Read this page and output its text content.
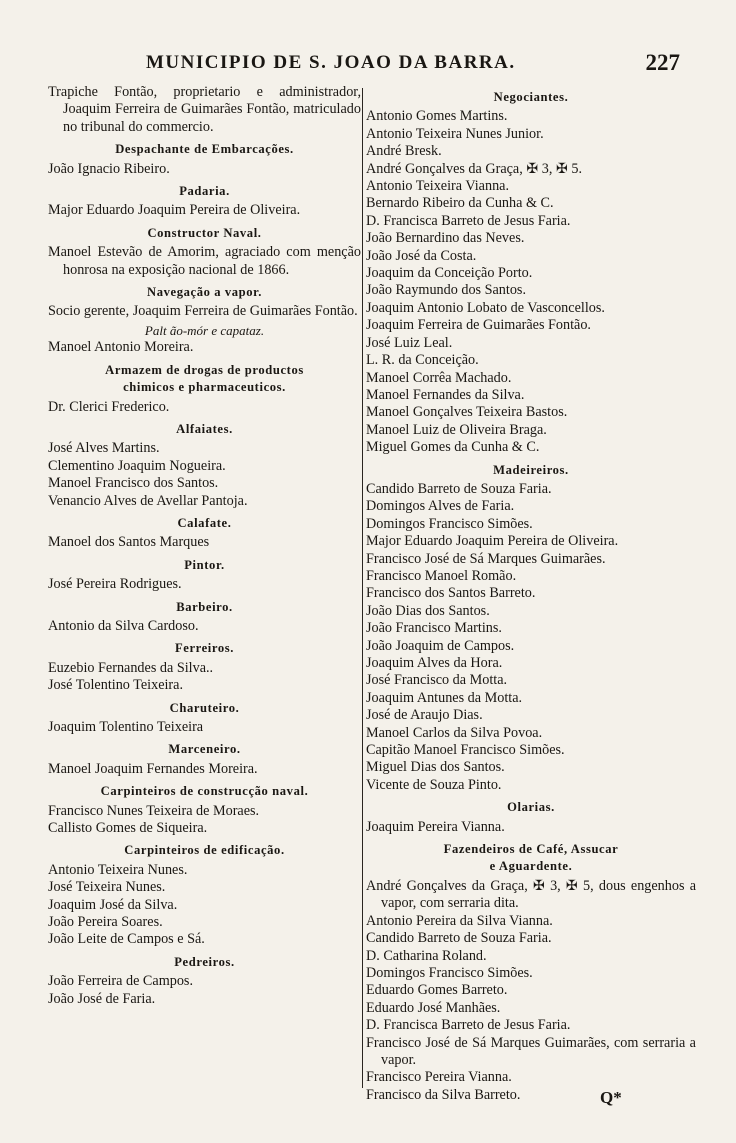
MUNICIPIO DE S. JOAO DA BARRA.	227
Trapiche Fontão, proprietario e administrador, Joaquim Ferreira de Guimarães Fontão, matriculado no tribunal do commercio.
Despachante de Embarcações.
João Ignacio Ribeiro.
Padaria.
Major Eduardo Joaquim Pereira de Oliveira.
Constructor Naval.
Manoel Estevão de Amorim, agraciado com menção honrosa na exposição nacional de 1866.
Navegação a vapor.
Socio gerente, Joaquim Ferreira de Guimarães Fontão.
Palt ão-mór e capataz.
Manoel Antonio Moreira.
Armazem de drogas de productos
chimicos e pharmaceuticos.
Dr. Clerici Frederico.
Alfaiates.
José Alves Martins.
Clementino Joaquim Nogueira.
Manoel Francisco dos Santos.
Venancio Alves de Avellar Pantoja.
Calafate.
Manoel dos Santos Marques
Pintor.
José Pereira Rodrigues.
Barbeiro.
Antonio da Silva Cardoso.
Ferreiros.
Euzebio Fernandes da Silva..
José Tolentino Teixeira.
Charuteiro.
Joaquim Tolentino Teixeira
Marceneiro.
Manoel Joaquim Fernandes Moreira.
Carpinteiros de construcção naval.
Francisco Nunes Teixeira de Moraes.
Callisto Gomes de Siqueira.
Carpinteiros de edificação.
Antonio Teixeira Nunes.
José Teixeira Nunes.
Joaquim José da Silva.
João Pereira Soares.
João Leite de Campos e Sá.
Pedreiros.
João Ferreira de Campos.
João José de Faria.
Negociantes.
Antonio Gomes Martins.
Antonio Teixeira Nunes Junior.
André Bresk.
André Gonçalves da Graça, ✠ 3, ✠ 5.
Antonio Teixeira Vianna.
Bernardo Ribeiro da Cunha & C.
D. Francisca Barreto de Jesus Faria.
João Bernardino das Neves.
João José da Costa.
Joaquim da Conceição Porto.
João Raymundo dos Santos.
Joaquim Antonio Lobato de Vasconcellos.
Joaquim Ferreira de Guimarães Fontão.
José Luiz Leal.
L. R. da Conceição.
Manoel Corrêa Machado.
Manoel Fernandes da Silva.
Manoel Gonçalves Teixeira Bastos.
Manoel Luiz de Oliveira Braga.
Miguel Gomes da Cunha & C.
Madeireiros.
Candido Barreto de Souza Faria.
Domingos Alves de Faria.
Domingos Francisco Simões.
Major Eduardo Joaquim Pereira de Oliveira.
Francisco José de Sá Marques Guimarães.
Francisco Manoel Romão.
Francisco dos Santos Barreto.
João Dias dos Santos.
João Francisco Martins.
João Joaquim de Campos.
Joaquim Alves da Hora.
José Francisco da Motta.
Joaquim Antunes da Motta.
José de Araujo Dias.
Manoel Carlos da Silva Povoa.
Capitão Manoel Francisco Simões.
Miguel Dias dos Santos.
Vicente de Souza Pinto.
Olarias.
Joaquim Pereira Vianna.
Fazendeiros de Café, Assucar
e Aguardente.
André Gonçalves da Graça, ✠ 3, ✠ 5, dous engenhos a vapor, com serraria dita.
Antonio Pereira da Silva Vianna.
Candido Barreto de Souza Faria.
D. Catharina Roland.
Domingos Francisco Simões.
Eduardo Gomes Barreto.
Eduardo José Manhães.
D. Francisca Barreto de Jesus Faria.
Francisco José de Sá Marques Guimarães, com serraria a vapor.
Francisco Pereira Vianna.
Francisco da Silva Barreto.	Q*
